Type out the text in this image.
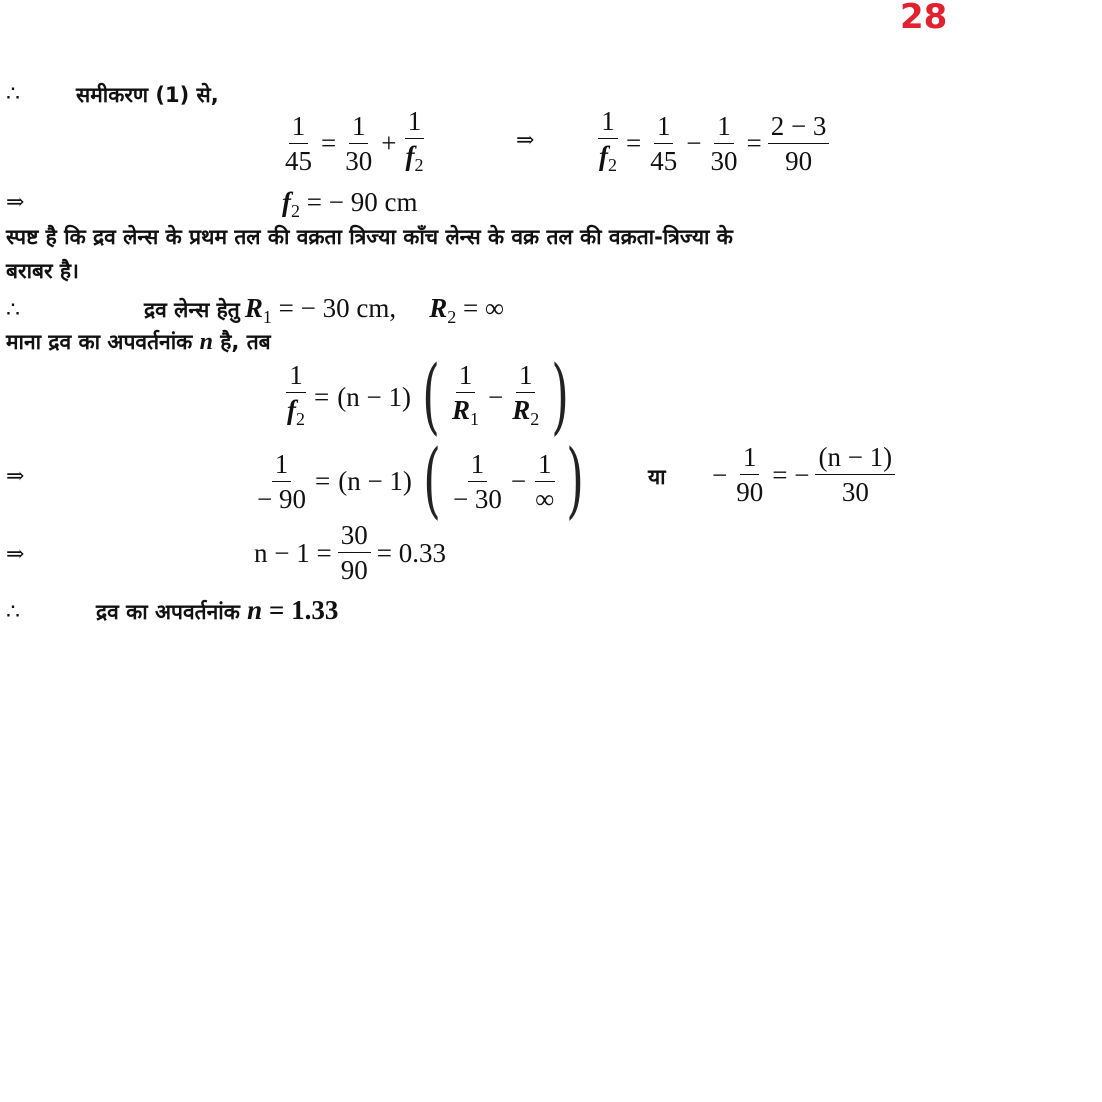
28
∴	समीकरण (1) से,
$\frac{1}{45} = \frac{1}{30} + \frac{1}{f_2}$	⇒ $\frac{1}{f_2} = \frac{1}{45} - \frac{1}{30} = \frac{2 - 3}{90}$
⇒	$f_2$ = − 90 cm
स्पष्ट है कि द्रव लेन्स के प्रथम तल की वक्रता त्रिज्या काँच लेन्स के वक्र तल की वक्रता-त्रिज्या के
बराबर है।
∴	द्रव लेन्स हेतु $R_1$ = − 30 cm, $R_2$ = ∞
माना द्रव का अपवर्तनांक n है, तब
$\frac{1}{f_2} = (n - 1)$ ( $\frac{1}{R_1} - \frac{1}{R_2}$ )
⇒	$\frac{1}{- 90} = (n - 1)$ ( $\frac{1}{- 30} - \frac{1}{\infty}$ )	या − $\frac{1}{90}$ = − $\frac{(n - 1)}{30}$
⇒	$n - 1 = \frac{30}{90} = 0.33$
∴	द्रव का अपवर्तनांक n = 1.33
